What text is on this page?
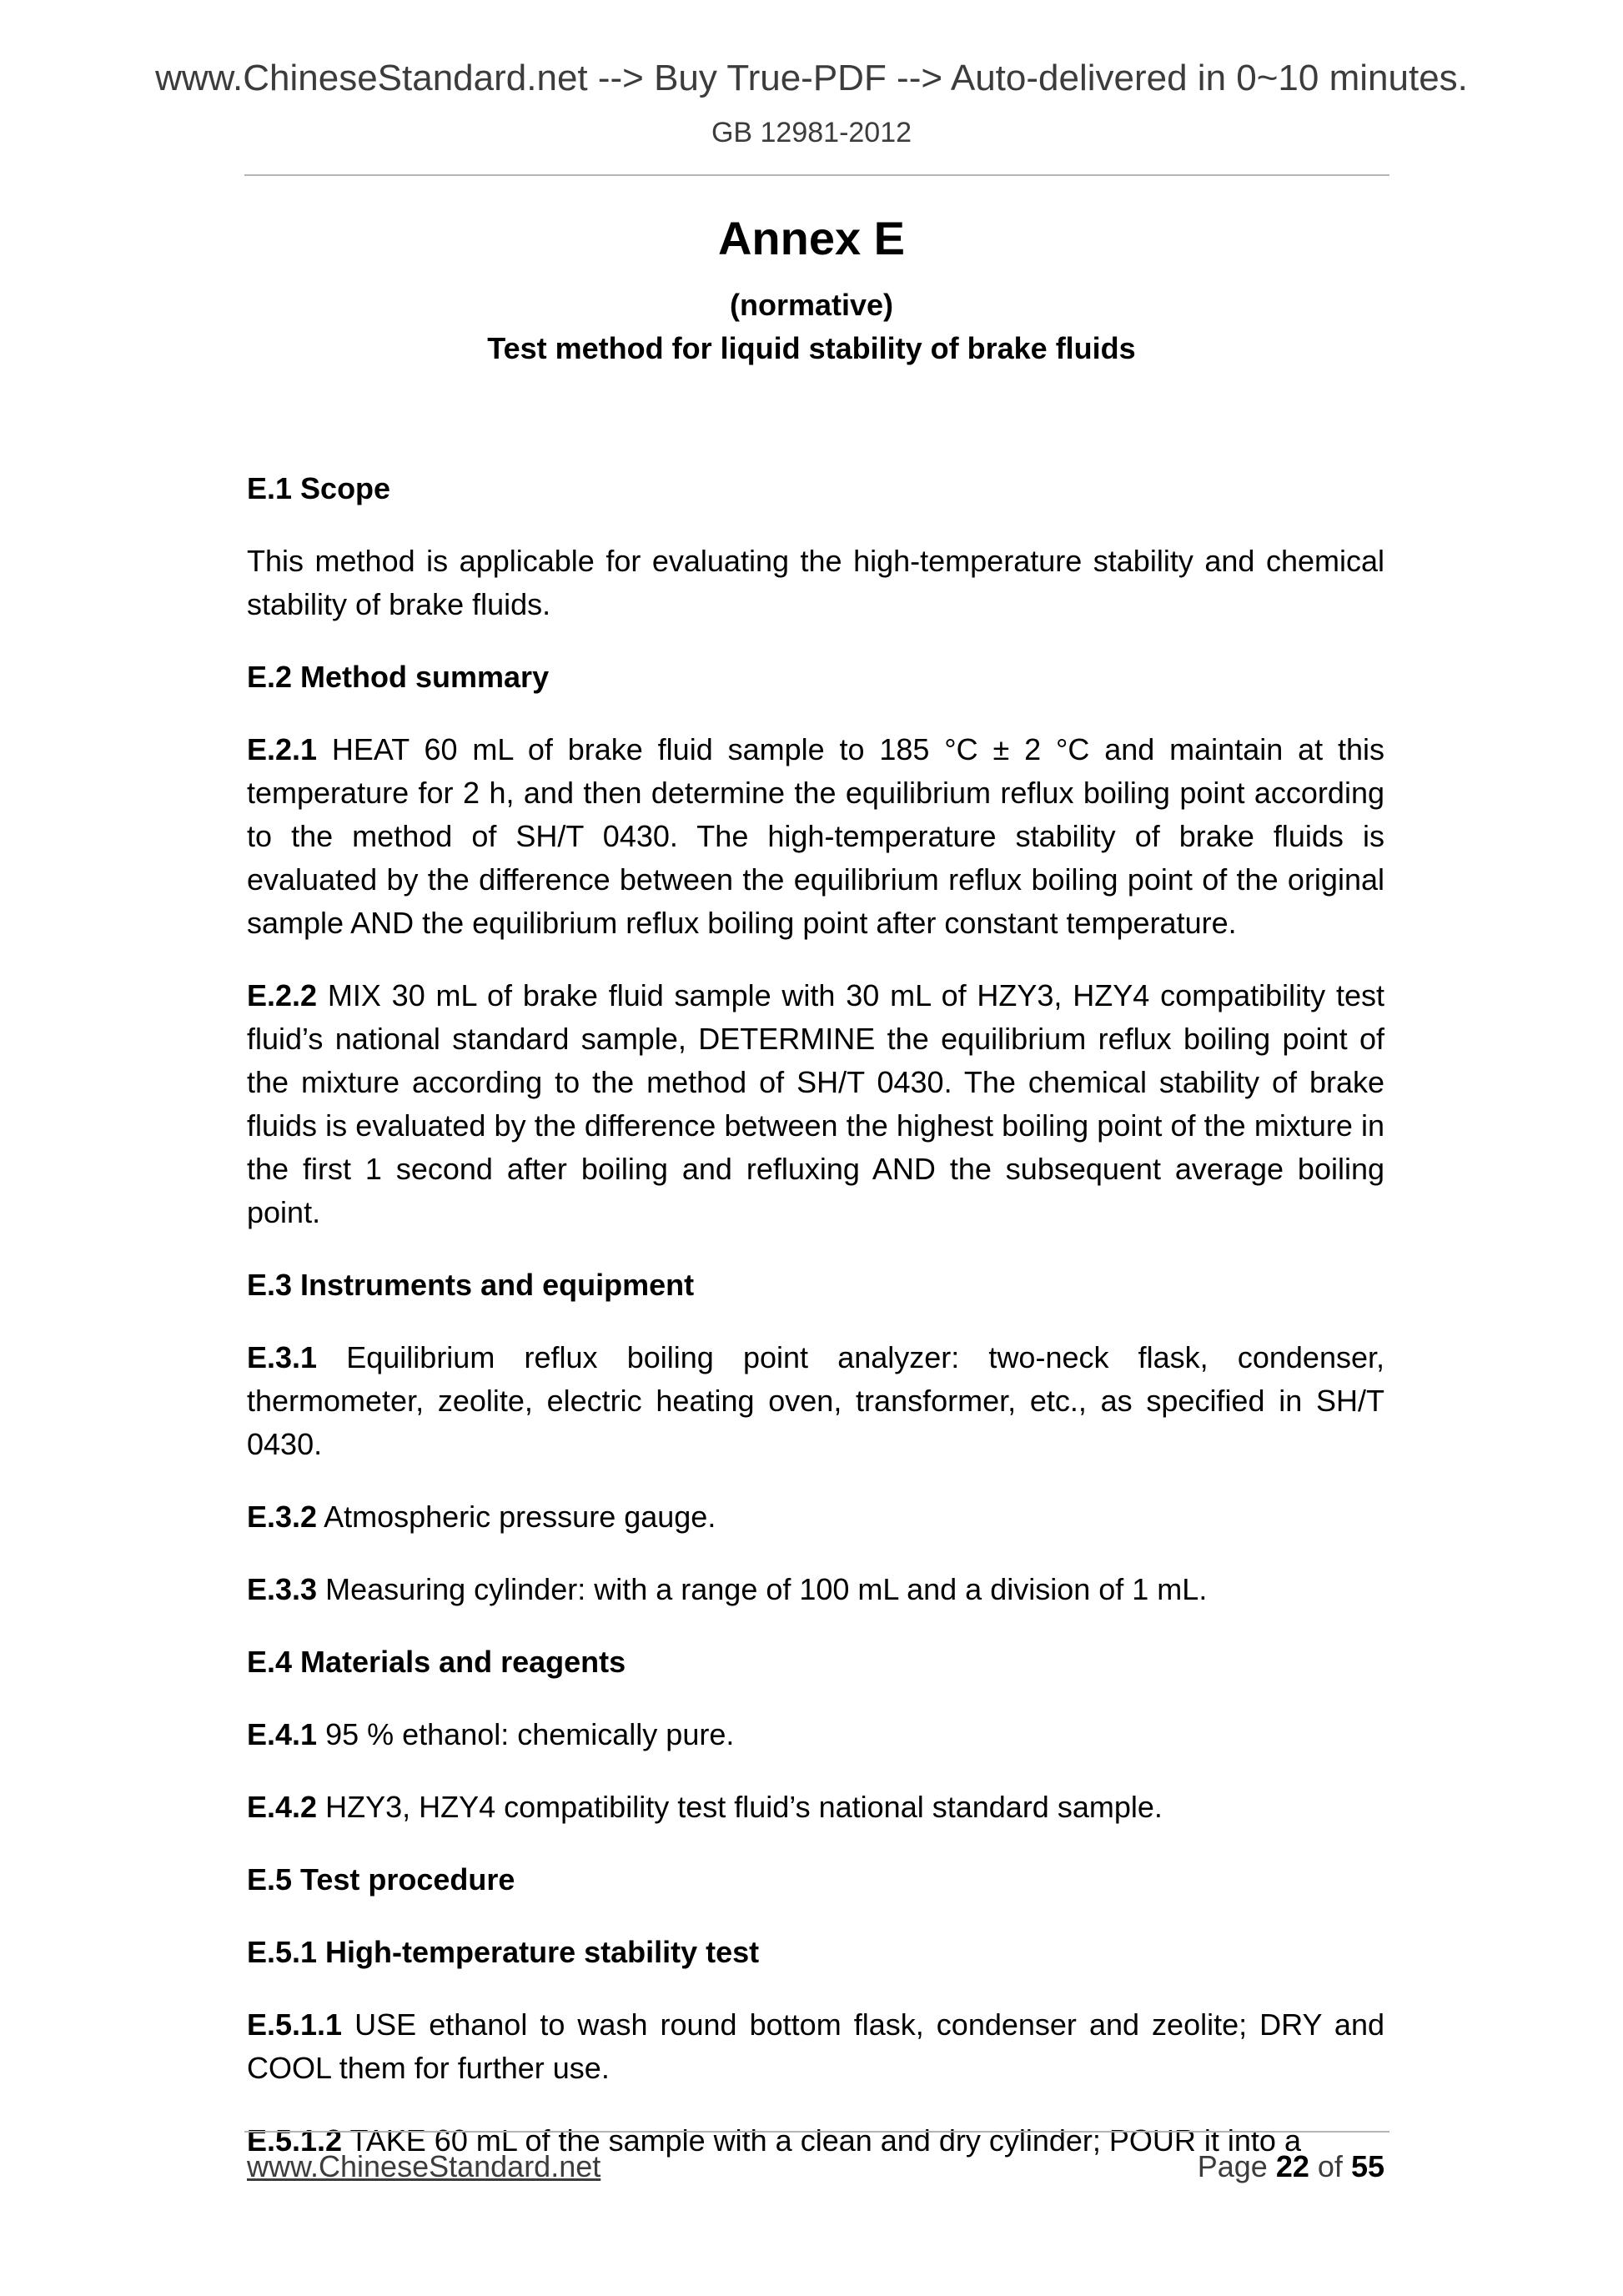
www.ChineseStandard.net --> Buy True-PDF --> Auto-delivered in 0~10 minutes.
GB 12981-2012
Annex E
(normative)
Test method for liquid stability of brake fluids

E.1 Scope

This method is applicable for evaluating the high-temperature stability and chemical stability of brake fluids.

E.2 Method summary

E.2.1 HEAT 60 mL of brake fluid sample to 185 °C ± 2 °C and maintain at this temperature for 2 h, and then determine the equilibrium reflux boiling point according to the method of SH/T 0430. The high-temperature stability of brake fluids is evaluated by the difference between the equilibrium reflux boiling point of the original sample AND the equilibrium reflux boiling point after constant temperature.

E.2.2 MIX 30 mL of brake fluid sample with 30 mL of HZY3, HZY4 compatibility test fluid’s national standard sample, DETERMINE the equilibrium reflux boiling point of the mixture according to the method of SH/T 0430. The chemical stability of brake fluids is evaluated by the difference between the highest boiling point of the mixture in the first 1 second after boiling and refluxing AND the subsequent average boiling point.

E.3 Instruments and equipment

E.3.1 Equilibrium reflux boiling point analyzer: two-neck flask, condenser, thermometer, zeolite, electric heating oven, transformer, etc., as specified in SH/T 0430.

E.3.2 Atmospheric pressure gauge.

E.3.3 Measuring cylinder: with a range of 100 mL and a division of 1 mL.

E.4 Materials and reagents

E.4.1 95 % ethanol: chemically pure.

E.4.2 HZY3, HZY4 compatibility test fluid’s national standard sample.

E.5 Test procedure

E.5.1 High-temperature stability test

E.5.1.1 USE ethanol to wash round bottom flask, condenser and zeolite; DRY and COOL them for further use.

E.5.1.2 TAKE 60 mL of the sample with a clean and dry cylinder; POUR it into a

www.ChineseStandard.net	Page 22 of 55
